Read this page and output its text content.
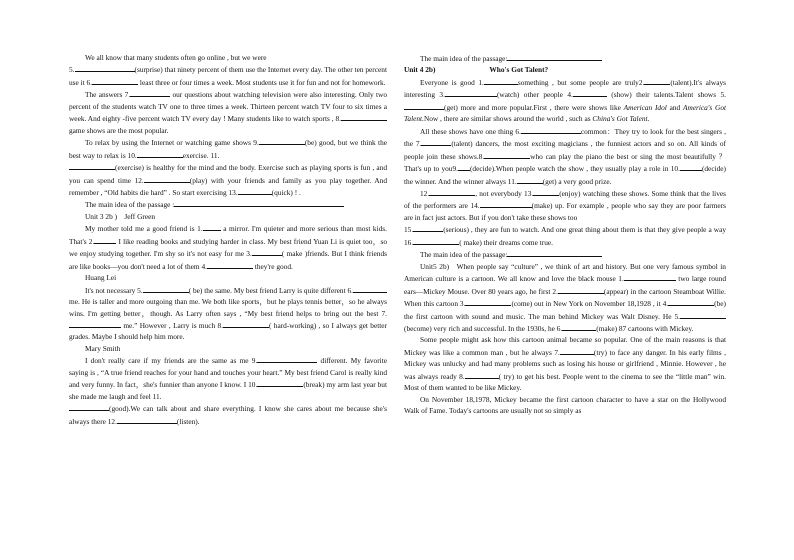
We all know that many students often go online , but we were
5.	(surprise) that ninety percent of them use the Internet every day. The other ten percent use it 6.	least three or four times a week. Most students use it for fun and not for homework.

The answers 7.	our questions about watching television were also interesting. Only two percent of the students watch TV one to three times a week. Thirteen percent watch TV four to six times a week. And eighty -five percent watch TV every day ! Many students like to watch sports , 8.game shows are the most popular.

To relax by using the Internet or watching game shows 9.	(be) good, but we think the best way to relax is 10.	exercise. 11.
(exercise) is healthy for the mind and the body. Exercise such as playing sports is fun , and you can spend time 12.	(play) with your friends and family as you play together. And remember , “Old habits die hard” . So start exercising 13.	(quick) ! .

The main idea of the passage :

Unit 3 2b ) Jeff Green

My mother told me a good friend is 1.	a mirror. I'm quieter and more serious than most kids. That's 2.	I like reading books and studying harder in class. My best friend Yuan Li is quiet too，so we enjoy studying together. I'm shy so it's not easy for me 3.	( make )friends. But I think friends are like books—you don't need a lot of them 4.	they're good.

Huang Lei

It's not necessary 5.	( be) the same. My best friend Larry is quite different 6. me. He is taller and more outgoing than me. We both like sports，but he plays tennis better，so he always wins. I'm getting better，though. As Larry often says , “My best friend helps to bring out the best 7. me.” However , Larry is much 8.	( hard-working) , so I always get better grades. Maybe I should help him more.

Mary Smith

I don't really care if my friends are the same as me 9.	different. My favorite saying is , “A true friend reaches for your hand and touches your heart.” My best friend Carol is really kind and very funny. In fact，she's funnier than anyone I know. I 10.	(break) my arm last year but she made me laugh and feel 11.
(good).We can talk about and share everything. I know she cares about me because she's always there 12.	(listen).

The main idea of the passage:

Unit 4 2b)	Who's Got Talent?

Everyone is good 1.	something , but some people are truly2.	(talent).It's always interesting 3.	(watch) other people 4.	(show) their talents.Talent shows 5.(get) more and more popular.First , there were shows like American Idol and America's Got Talent.Now , there are similar shows around the world , such as China's Got Talent.

All these shows have one thing 6.	common：They try to look for the best singers , the 7.	(talent) dancers, the most exciting magicians , the funniest actors and so on. All kinds of people join these shows.8.	who can play the piano the best or sing the most beautifully ？That's up to you9. (decide).When people watch the show , they usually play a role in 10.	(decide) the winner. And the winner always 11.	(get) a very good prize.

12.	, not everybody 13.	(enjoy) watching these shows. Some think that the lives of the performers are 14.	(make) up. For example , people who say they are poor farmers are in fact just actors. But if you don't take these shows too
15.	(serious) , they are fun to watch. And one great thing about them is that they give people a way 16.	( make) their dreams come true.

The main idea of the passage:

Unit5 2b) When people say “culture” , we think of art and history. But one very famous symbol in American culture is a cartoon. We all know and love the black mouse 1.	two large round ears—Mickey Mouse. Over 80 years ago, he first 2.	(appear) in the cartoon Steamboat Willie. When this cartoon 3.	(come) out in New York on November 18,1928 , it 4.	(be) the first cartoon with sound and music. The man behind Mickey was Walt Disney. He 5.(become) very rich and successful. In the 1930s, he 6.	(make) 87 cartoons with Mickey.

Some people might ask how this cartoon animal became so popular. One of the main reasons is that Mickey was like a common man , but he always 7.	(try) to face any danger. In his early films , Mickey was unlucky and had many problems such as losing his house or girlfriend , Minnie. However , he was always ready 8.	( try) to get his best. People went to the cinema to see the “little man” win. Most of them wanted to be like Mickey.

On November 18,1978, Mickey became the first cartoon character to have a star on the Hollywood Walk of Fame. Today's cartoons are usually not so simply as
